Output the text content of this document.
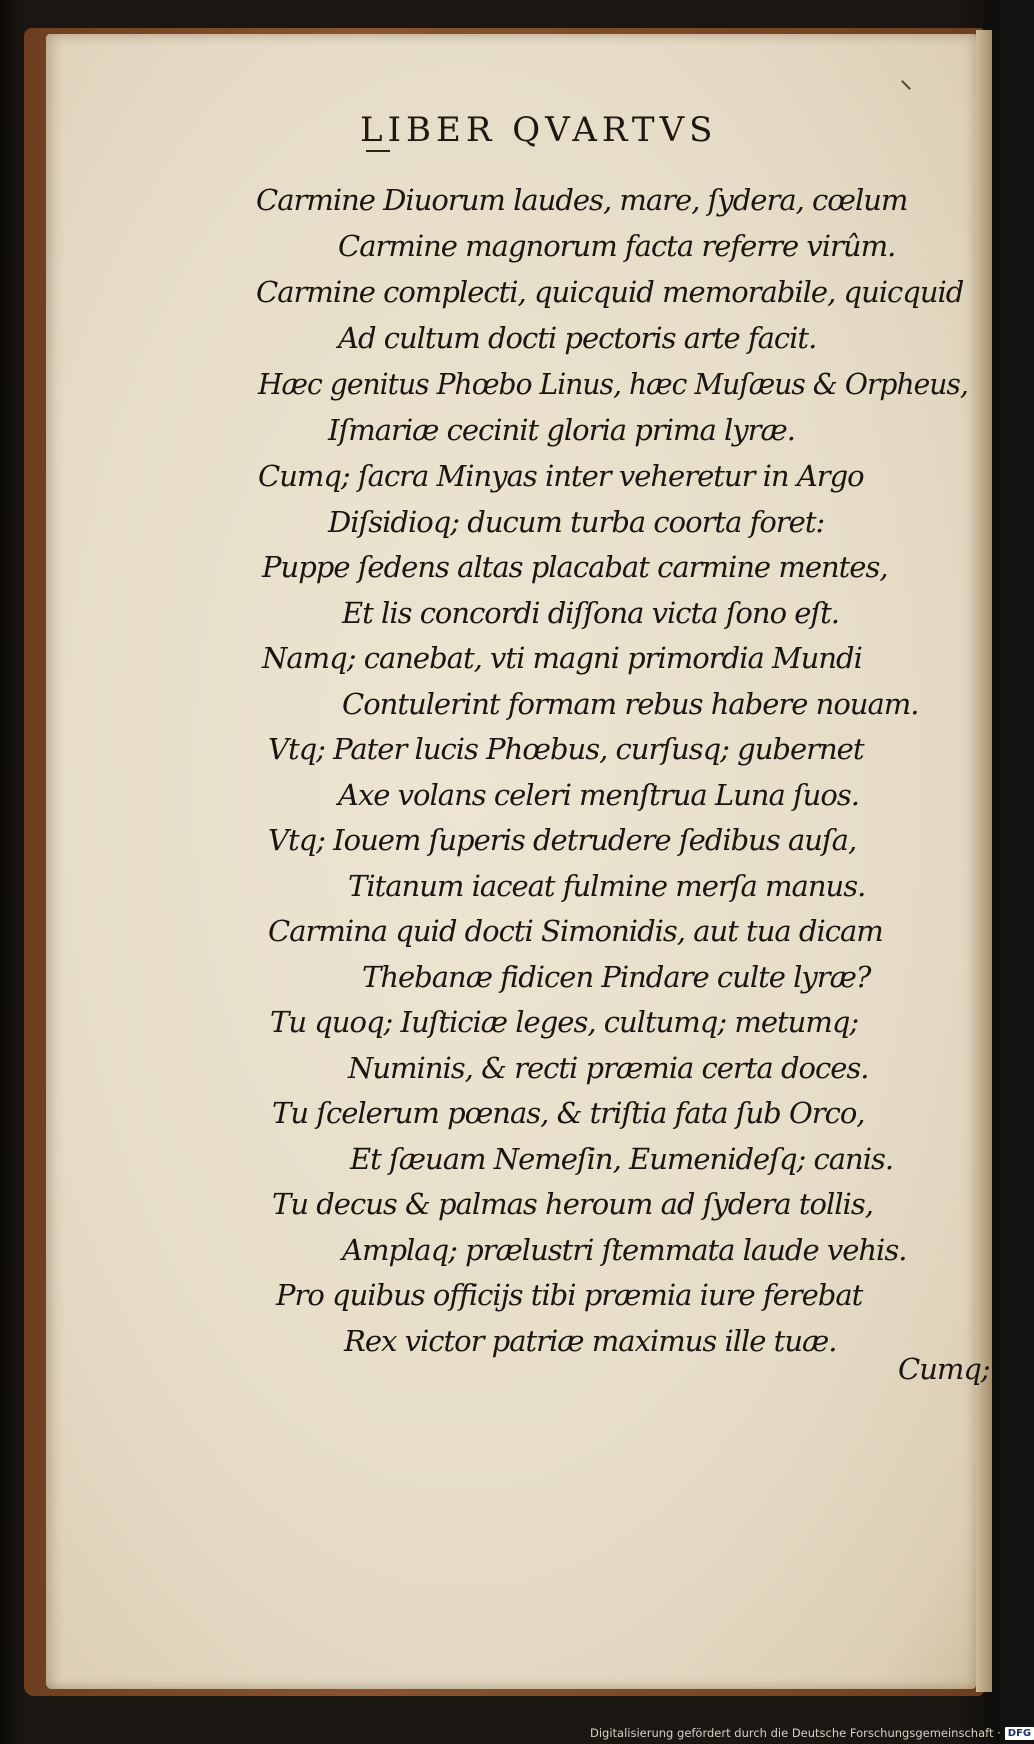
LIBER QVARTVS
Carmine Diuorum laudes, mare, ſydera, cœlum
Carmine magnorum facta referre virûm.
Carmine complecti, quicquid memorabile, quicquid
Ad cultum docti pectoris arte facit.
Hæc genitus Phœbo Linus, hæc Muſæus & Orpheus,
Iſmariæ cecinit gloria prima lyræ.
Cumq; ſacra Minyas inter veheretur in Argo
Diſsidioq; ducum turba coorta foret:
Puppe ſedens altas placabat carmine mentes,
Et lis concordi diſſona victa ſono eſt.
Namq; canebat, vti magni primordia Mundi
Contulerint formam rebus habere nouam.
Vtq; Pater lucis Phœbus, curſusq; gubernet
Axe volans celeri menſtrua Luna ſuos.
Vtq; Iouem ſuperis detrudere ſedibus auſa,
Titanum iaceat fulmine merſa manus.
Carmina quid docti Simonidis, aut tua dicam
Thebanæ fidicen Pindare culte lyræ?
Tu quoq; Iuſticiæ leges, cultumq; metumq;
Numinis, & recti præmia certa doces.
Tu ſcelerum pœnas, & triſtia fata ſub Orco,
Et ſæuam Nemeſin, Eumenideſq; canis.
Tu decus & palmas heroum ad ſydera tollis,
Amplaq; prælustri ſtemmata laude vehis.
Pro quibus officijs tibi præmia iure ferebat
Rex victor patriæ maximus ille tuæ.
Cumq;
Digitalisierung gefördert durch die Deutsche Forschungsgemeinschaft · DFG
